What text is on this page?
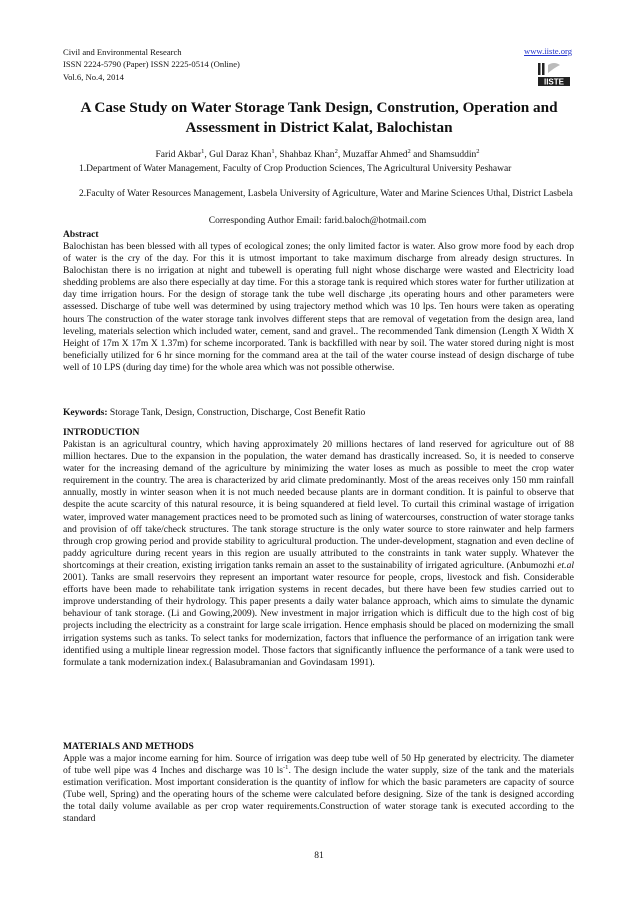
Civil and Environmental Research
ISSN 2224-5790 (Paper) ISSN 2225-0514 (Online)
Vol.6, No.4, 2014
www.iiste.org
IISTE
A Case Study on Water Storage Tank Design, Constrution, Operation and Assessment in District Kalat, Balochistan
Farid Akbar$^1$, Gul Daraz Khan$^1$, Shahbaz Khan$^2$, Muzaffar Ahmed$^2$ and Shamsuddin$^2$
1.Department of Water Management, Faculty of Crop Production Sciences, The Agricultural University Peshawar
2.Faculty of Water Resources Management, Lasbela University of Agriculture, Water and Marine Sciences Uthal, District Lasbela
Corresponding Author Email: farid.baloch@hotmail.com
Abstract
Balochistan has been blessed with all types of ecological zones; the only limited factor is water. Also grow more food by each drop of water is the cry of the day. For this it is utmost important to take maximum discharge from already design structures. In Balochistan there is no irrigation at night and tubewell is operating full night whose discharge were wasted and Electricity load shedding problems are also there especially at day time. For this a storage tank is required which stores water for further utilization at day time irrigation hours. For the design of storage tank the tube well discharge ,its operating hours and other parameters were assessed. Discharge of tube well was determined by using trajectory method which was 10 lps. Ten hours were taken as operating hours The construction of the water storage tank involves different steps that are removal of vegetation from the design area, land leveling, materials selection which included water, cement, sand and gravel.. The recommended Tank dimension (Length X Width X Height of 17m X 17m X 1.37m) for scheme incorporated. Tank is backfilled with near by soil. The water stored during night is most beneficially utilized for 6 hr since morning for the command area at the tail of the water course instead of design discharge of tube well of 10 LPS (during day time) for the whole area which was not possible otherwise.
Keywords: Storage Tank, Design, Construction, Discharge, Cost Benefit Ratio
INTRODUCTION
Pakistan is an agricultural country, which having approximately 20 millions hectares of land reserved for agriculture out of 88 million hectares. Due to the expansion in the population, the water demand has drastically increased. So, it is needed to conserve water for the increasing demand of the agriculture by minimizing the water loses as much as possible to meet the crop water requirement in the country. The area is characterized by arid climate predominantly. Most of the areas receives only 150 mm rainfall annually, mostly in winter season when it is not much needed because plants are in dormant condition. It is painful to observe that despite the acute scarcity of this natural resource, it is being squandered at field level. To curtail this criminal wastage of irrigation water, improved water management practices need to be promoted such as lining of watercourses, construction of water storage tanks and provision of off take/check structures. The tank storage structure is the only water source to store rainwater and help farmers through crop growing period and provide stability to agricultural production. The under-development, stagnation and even decline of paddy agriculture during recent years in this region are usually attributed to the constraints in tank water supply. Whatever the shortcomings at their creation, existing irrigation tanks remain an asset to the sustainability of irrigated agriculture. (Anbumozhi et.al 2001). Tanks are small reservoirs they represent an important water resource for people, crops, livestock and fish. Considerable efforts have been made to rehabilitate tank irrigation systems in recent decades, but there have been few studies carried out to improve understanding of their hydrology. This paper presents a daily water balance approach, which aims to simulate the dynamic behaviour of tank storage. (Li and Gowing,2009). New investment in major irrigation which is difficult due to the high cost of big projects including the electricity as a constraint for large scale irrigation. Hence emphasis should be placed on modernizing the small irrigation systems such as tanks. To select tanks for modernization, factors that influence the performance of an irrigation tank were identified using a multiple linear regression model. Those factors that significantly influence the performance of a tank were used to formulate a tank modernization index.( Balasubramanian and Govindasam 1991).
MATERIALS AND METHODS
Apple was a major income earning for him. Source of irrigation was deep tube well of 50 Hp generated by electricity. The diameter of tube well pipe was 4 Inches and discharge was 10 $ls^{-1}$. The design include the water supply, size of the tank and the materials estimation verification. Most important consideration is the quantity of inflow for which the basic parameters are capacity of source (Tube well, Spring) and the operating hours of the scheme were calculated before designing. Size of the tank is designed according the total daily volume available as per crop water requirements.Construction of water storage tank is executed according to the standard
81
